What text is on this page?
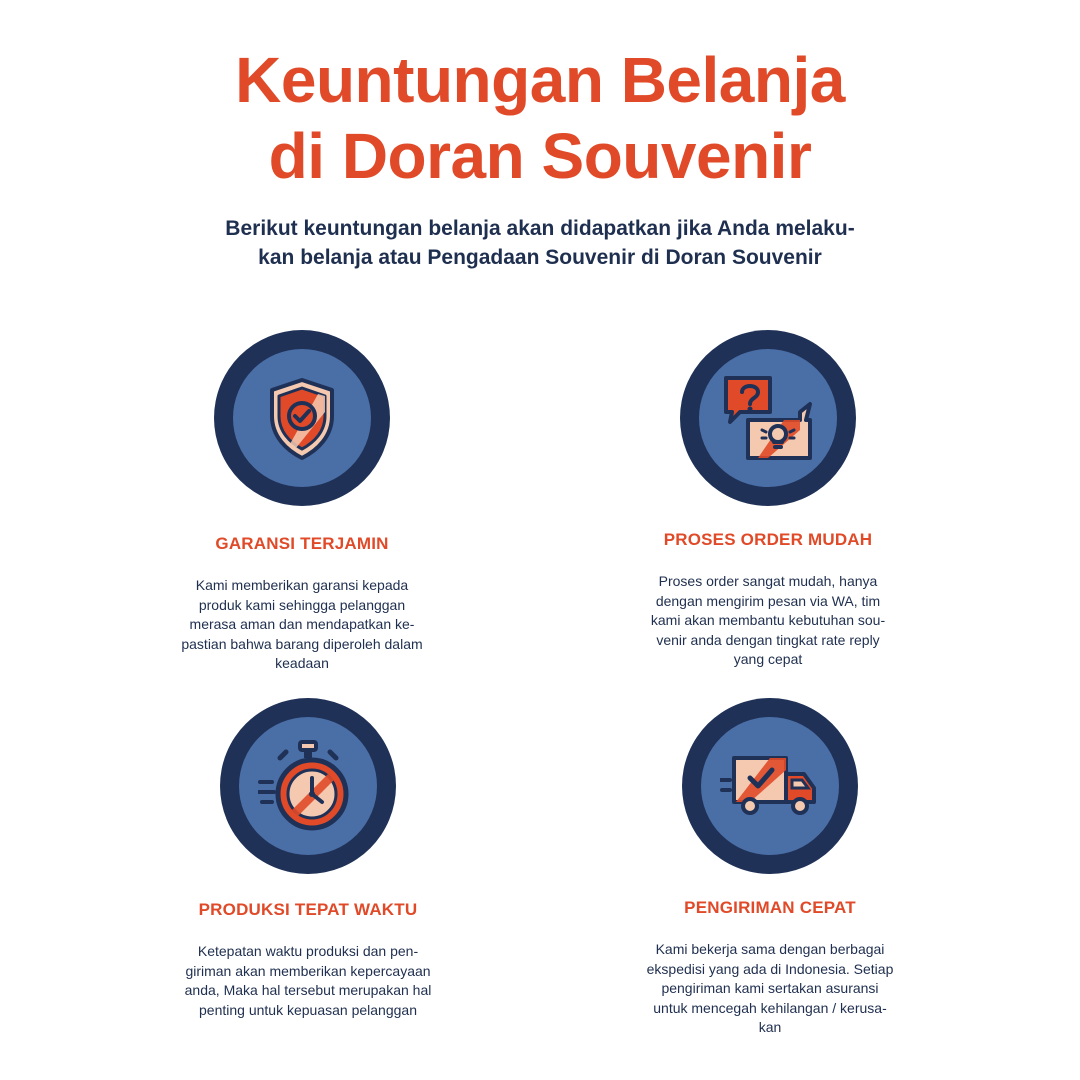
Keuntungan Belanja
di Doran Souvenir
Berikut keuntungan belanja akan didapatkan jika Anda melaku-
kan belanja atau Pengadaan Souvenir di Doran Souvenir
GARANSI TERJAMIN
Kami memberikan garansi kepada
produk kami sehingga pelanggan
merasa aman dan mendapatkan ke-
pastian bahwa barang diperoleh dalam
keadaan
PROSES ORDER MUDAH
Proses order sangat mudah, hanya
dengan mengirim pesan via WA, tim
kami akan membantu kebutuhan sou-
venir anda dengan tingkat rate reply
yang cepat
PRODUKSI TEPAT WAKTU
Ketepatan waktu produksi dan pen-
giriman akan memberikan kepercayaan
anda, Maka hal tersebut merupakan hal
penting untuk kepuasan pelanggan
PENGIRIMAN CEPAT
Kami bekerja sama dengan berbagai
ekspedisi yang ada di Indonesia. Setiap
pengiriman kami sertakan asuransi
untuk mencegah kehilangan / kerusa-
kan
